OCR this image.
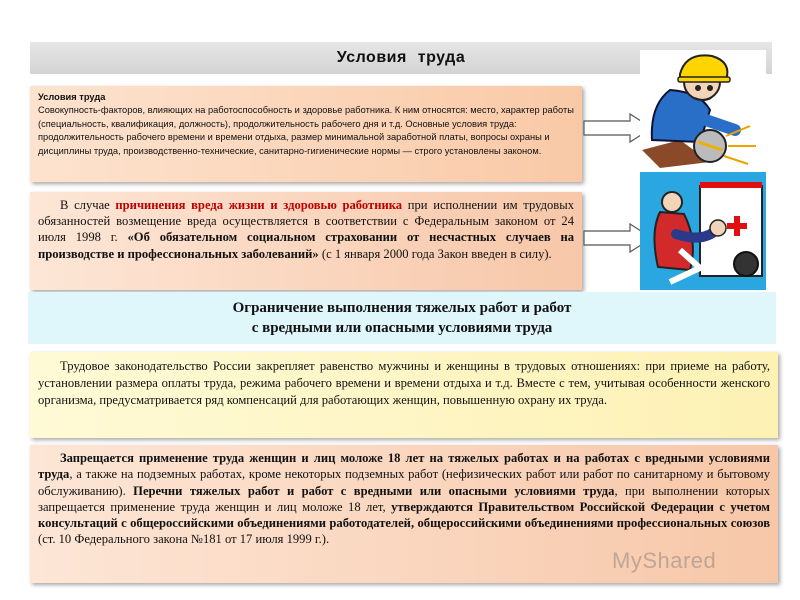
Условия труда
Условия труда
Совокупность-факторов, влияющих на работоспособность и здоровье работника. К ним относятся: место, характер работы (специальность, квалификация, должность), продолжительность рабочего дня и т.д. Основные условия труда: продолжительность рабочего времени и времени отдыха, размер минимальной заработной платы, вопросы охраны и дисциплины труда, производственно-технические, санитарно-гигиенические нормы — строго установлены законом.
В случае причинения вреда жизни и здоровью работника при исполнении им трудовых обязанностей возмещение вреда осуществляется в соответствии с Федеральным законом от 24 июля 1998 г. «Об обязательном социальном страховании от несчастных случаев на производстве и профессиональных заболеваний» (с 1 января 2000 года Закон введен в силу).
Ограничение выполнения тяжелых работ и работ
с вредными или опасными условиями труда
Трудовое законодательство России закрепляет равенство мужчины и женщины в трудовых отношениях: при приеме на работу, установлении размера оплаты труда, режима рабочего времени и времени отдыха и т.д. Вместе с тем, учитывая особенности женского организма, предусматривается ряд компенсаций для работающих женщин, повышенную охрану их труда.
Запрещается применение труда женщин и лиц моложе 18 лет на тяжелых работах и на работах с вредными условиями труда, а также на подземных работах, кроме некоторых подземных работ (нефизических работ или работ по санитарному и бытовому обслуживанию). Перечни тяжелых работ и работ с вредными или опасными условиями труда, при выполнении которых запрещается применение труда женщин и лиц моложе 18 лет, утверждаются Правительством Российской Федерации с учетом консультаций с общероссийскими объединениями работодателей, общероссийскими объединениями профессиональных союзов (ст. 10 Федерального закона №181 от 17 июля 1999 г.).
MyShared
